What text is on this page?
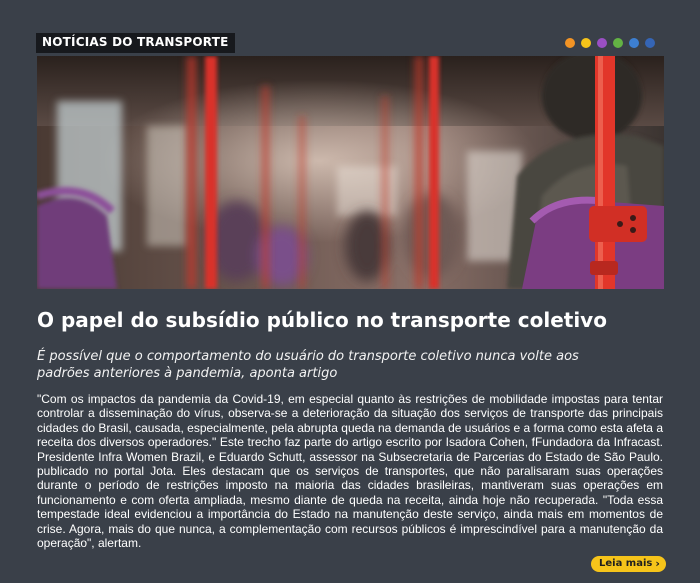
NOTÍCIAS DO TRANSPORTE
O papel do subsídio público no transporte coletivo

É possível que o comportamento do usuário do transporte coletivo nunca volte aos padrões anteriores à pandemia, aponta artigo

"Com os impactos da pandemia da Covid-19, em especial quanto às restrições de mobilidade impostas para tentar controlar a disseminação do vírus, observa-se a deterioração da situação dos serviços de transporte das principais cidades do Brasil, causada, especialmente, pela abrupta queda na demanda de usuários e a forma como esta afeta a receita dos diversos operadores." Este trecho faz parte do artigo escrito por Isadora Cohen, fFundadora da Infracast. Presidente Infra Women Brazil, e Eduardo Schutt, assessor na Subsecretaria de Parcerias do Estado de São Paulo. publicado no portal Jota. Eles destacam que os serviços de transportes, que não paralisaram suas operações durante o período de restrições imposto na maioria das cidades brasileiras, mantiveram suas operações em funcionamento e com oferta ampliada, mesmo diante de queda na receita, ainda hoje não recuperada. "Toda essa tempestade ideal evidenciou a importância do Estado na manutenção deste serviço, ainda mais em momentos de crise. Agora, mais do que nunca, a complementação com recursos públicos é imprescindível para a manutenção da operação", alertam.

Leia mais ›
